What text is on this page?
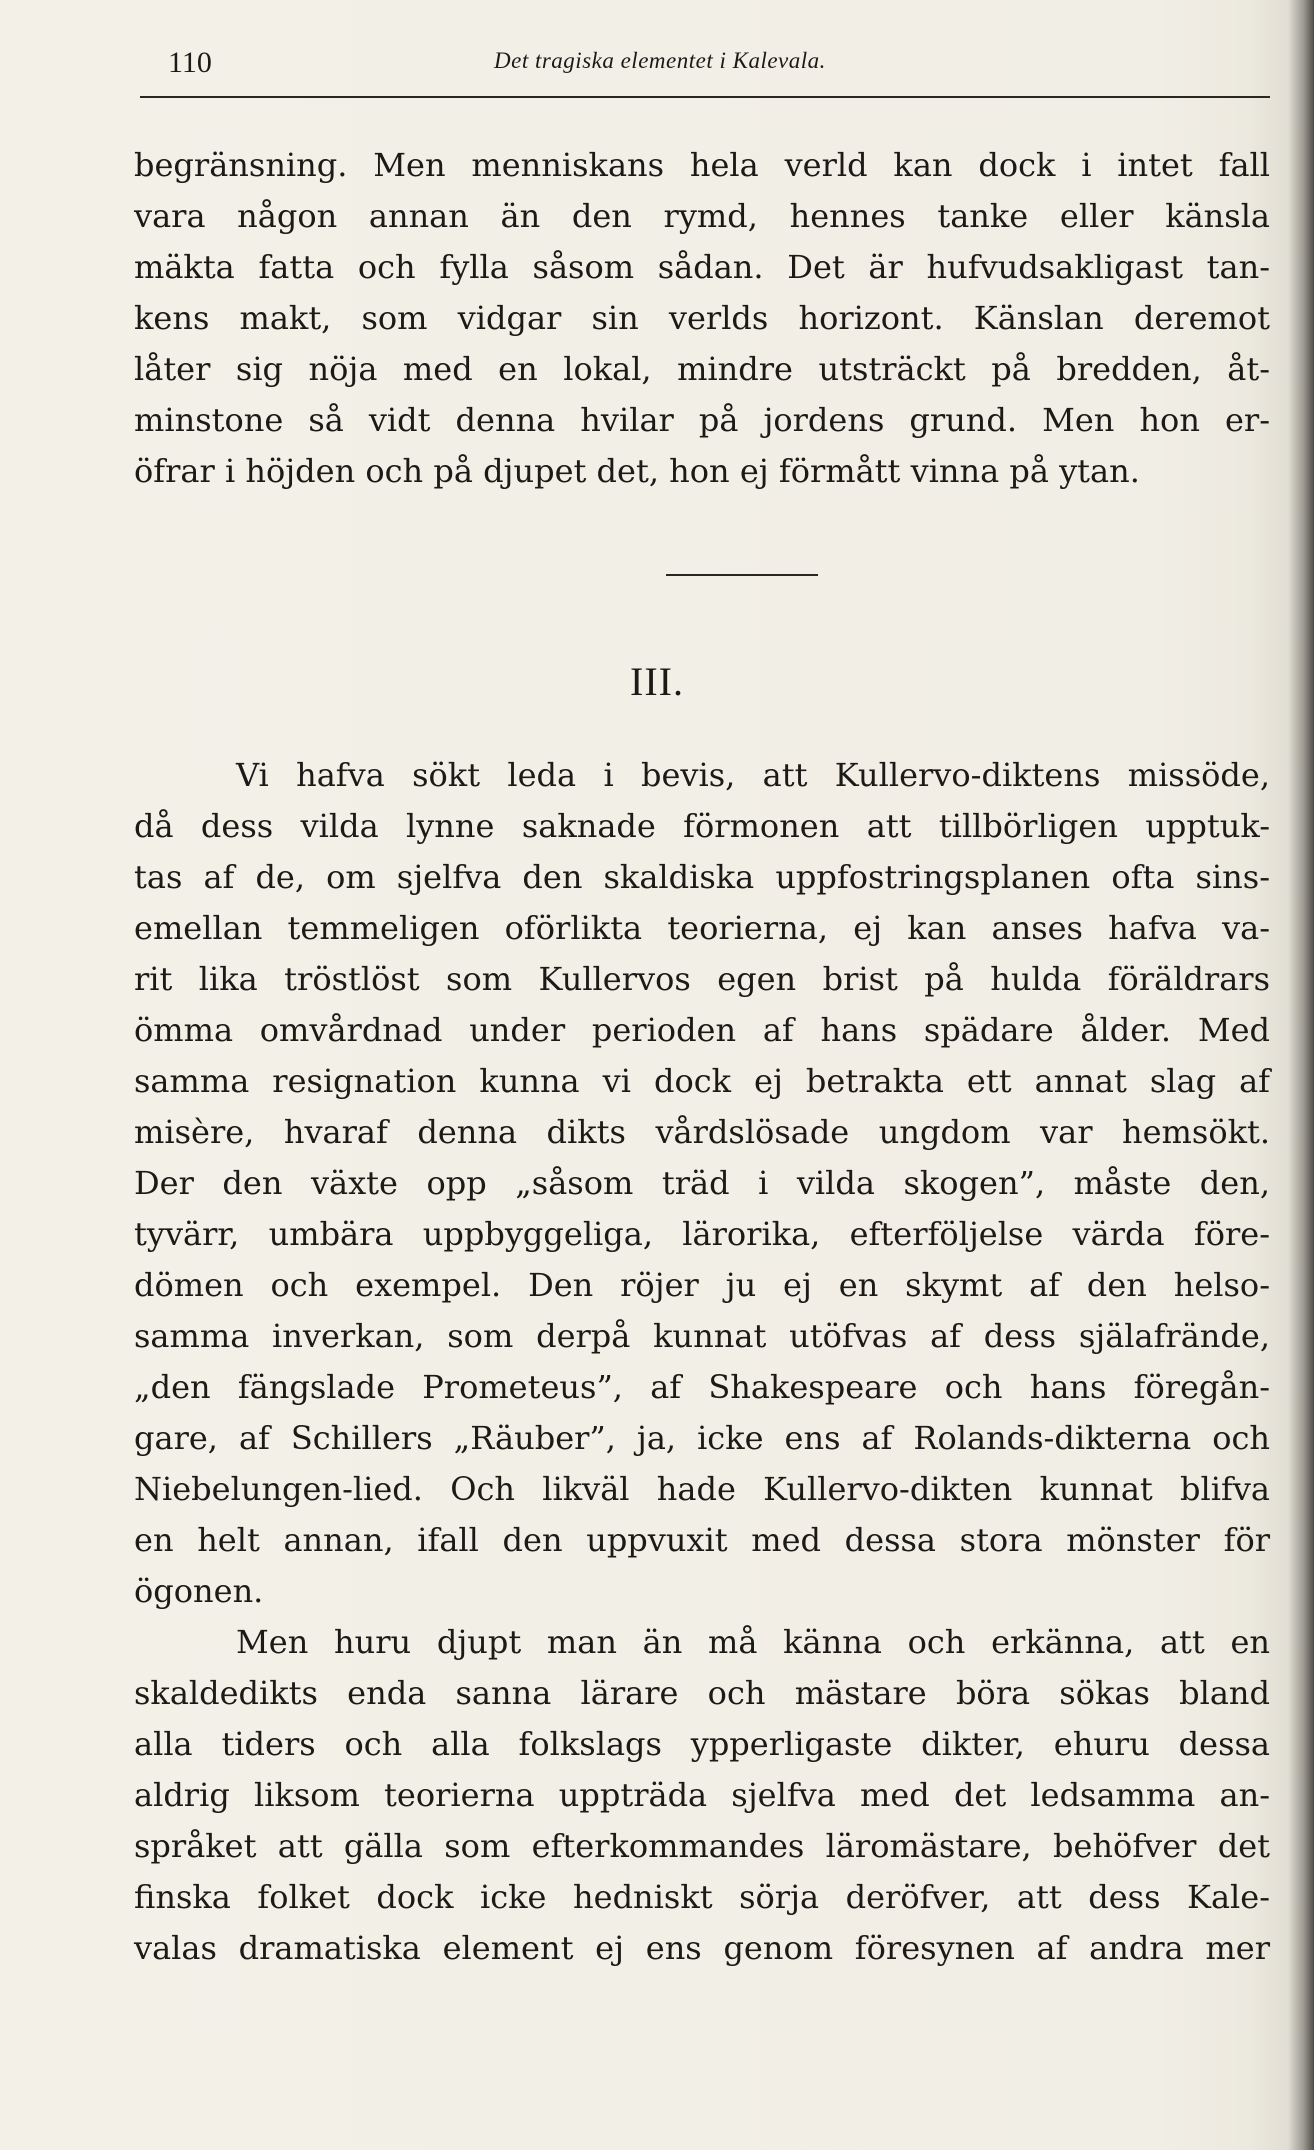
110	Det tragiska elementet i Kalevala.
begränsning. Men menniskans hela verld kan dock i intet fall
vara någon annan än den rymd, hennes tanke eller känsla
mäkta fatta och fylla såsom sådan. Det är hufvudsakligast tan-
kens makt, som vidgar sin verlds horizont. Känslan deremot
låter sig nöja med en lokal, mindre utsträckt på bredden, åt-
minstone så vidt denna hvilar på jordens grund. Men hon er-
öfrar i höjden och på djupet det, hon ej förmått vinna på ytan.
III.
Vi hafva sökt leda i bevis, att Kullervo-diktens missöde,
då dess vilda lynne saknade förmonen att tillbörligen upptuk-
tas af de, om sjelfva den skaldiska uppfostringsplanen ofta sins-
emellan temmeligen oförlikta teorierna, ej kan anses hafva va-
rit lika tröstlöst som Kullervos egen brist på hulda föräldrars
ömma omvårdnad under perioden af hans spädare ålder. Med
samma resignation kunna vi dock ej betrakta ett annat slag af
misère, hvaraf denna dikts vårdslösade ungdom var hemsökt.
Der den växte opp „såsom träd i vilda skogen”, måste den,
tyvärr, umbära uppbyggeliga, lärorika, efterföljelse värda före-
dömen och exempel. Den röjer ju ej en skymt af den helso-
samma inverkan, som derpå kunnat utöfvas af dess själafrände,
„den fängslade Prometeus”, af Shakespeare och hans föregån-
gare, af Schillers „Räuber”, ja, icke ens af Rolands-dikterna och
Niebelungen-lied. Och likväl hade Kullervo-dikten kunnat blifva
en helt annan, ifall den uppvuxit med dessa stora mönster för
ögonen.
Men huru djupt man än må känna och erkänna, att en
skaldedikts enda sanna lärare och mästare böra sökas bland
alla tiders och alla folkslags ypperligaste dikter, ehuru dessa
aldrig liksom teorierna uppträda sjelfva med det ledsamma an-
språket att gälla som efterkommandes läromästare, behöfver det
finska folket dock icke hedniskt sörja deröfver, att dess Kale-
valas dramatiska element ej ens genom föresynen af andra mer
